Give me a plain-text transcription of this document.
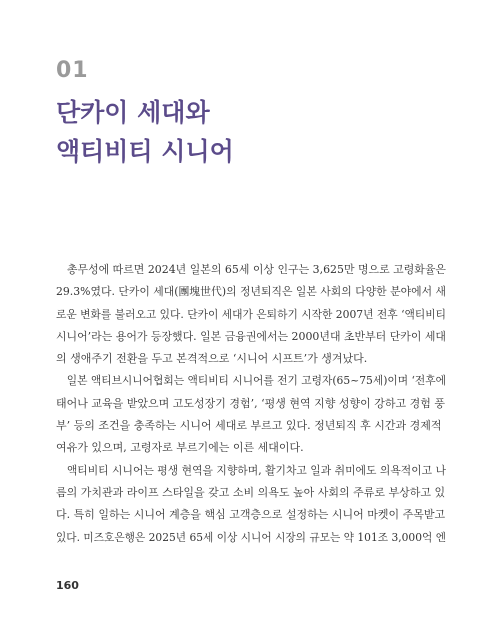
01
단카이 세대와
액티비티 시니어
총무성에 따르면 2024년 일본의 65세 이상 인구는 3,625만 명으로 고령화율은
29.3%였다. 단카이 세대(團塊世代)의 정년퇴직은 일본 사회의 다양한 분야에서 새
로운 변화를 불러오고 있다. 단카이 세대가 은퇴하기 시작한 2007년 전후 ‘액티비티
시니어’라는 용어가 등장했다. 일본 금융권에서는 2000년대 초반부터 단카이 세대
의 생애주기 전환을 두고 본격적으로 ‘시니어 시프트’가 생겨났다.
일본 액티브시니어협회는 액티비티 시니어를 전기 고령자(65~75세)이며 ‘전후에
태어나 교육을 받았으며 고도성장기 경험’, ‘평생 현역 지향 성향이 강하고 경험 풍
부’ 등의 조건을 충족하는 시니어 세대로 부르고 있다. 정년퇴직 후 시간과 경제적
여유가 있으며, 고령자로 부르기에는 이른 세대이다.
액티비티 시니어는 평생 현역을 지향하며, 활기차고 일과 취미에도 의욕적이고 나
름의 가치관과 라이프 스타일을 갖고 소비 의욕도 높아 사회의 주류로 부상하고 있
다. 특히 일하는 시니어 계층을 핵심 고객층으로 설정하는 시니어 마켓이 주목받고
있다. 미즈호은행은 2025년 65세 이상 시니어 시장의 규모는 약 101조 3,000억 엔
160
